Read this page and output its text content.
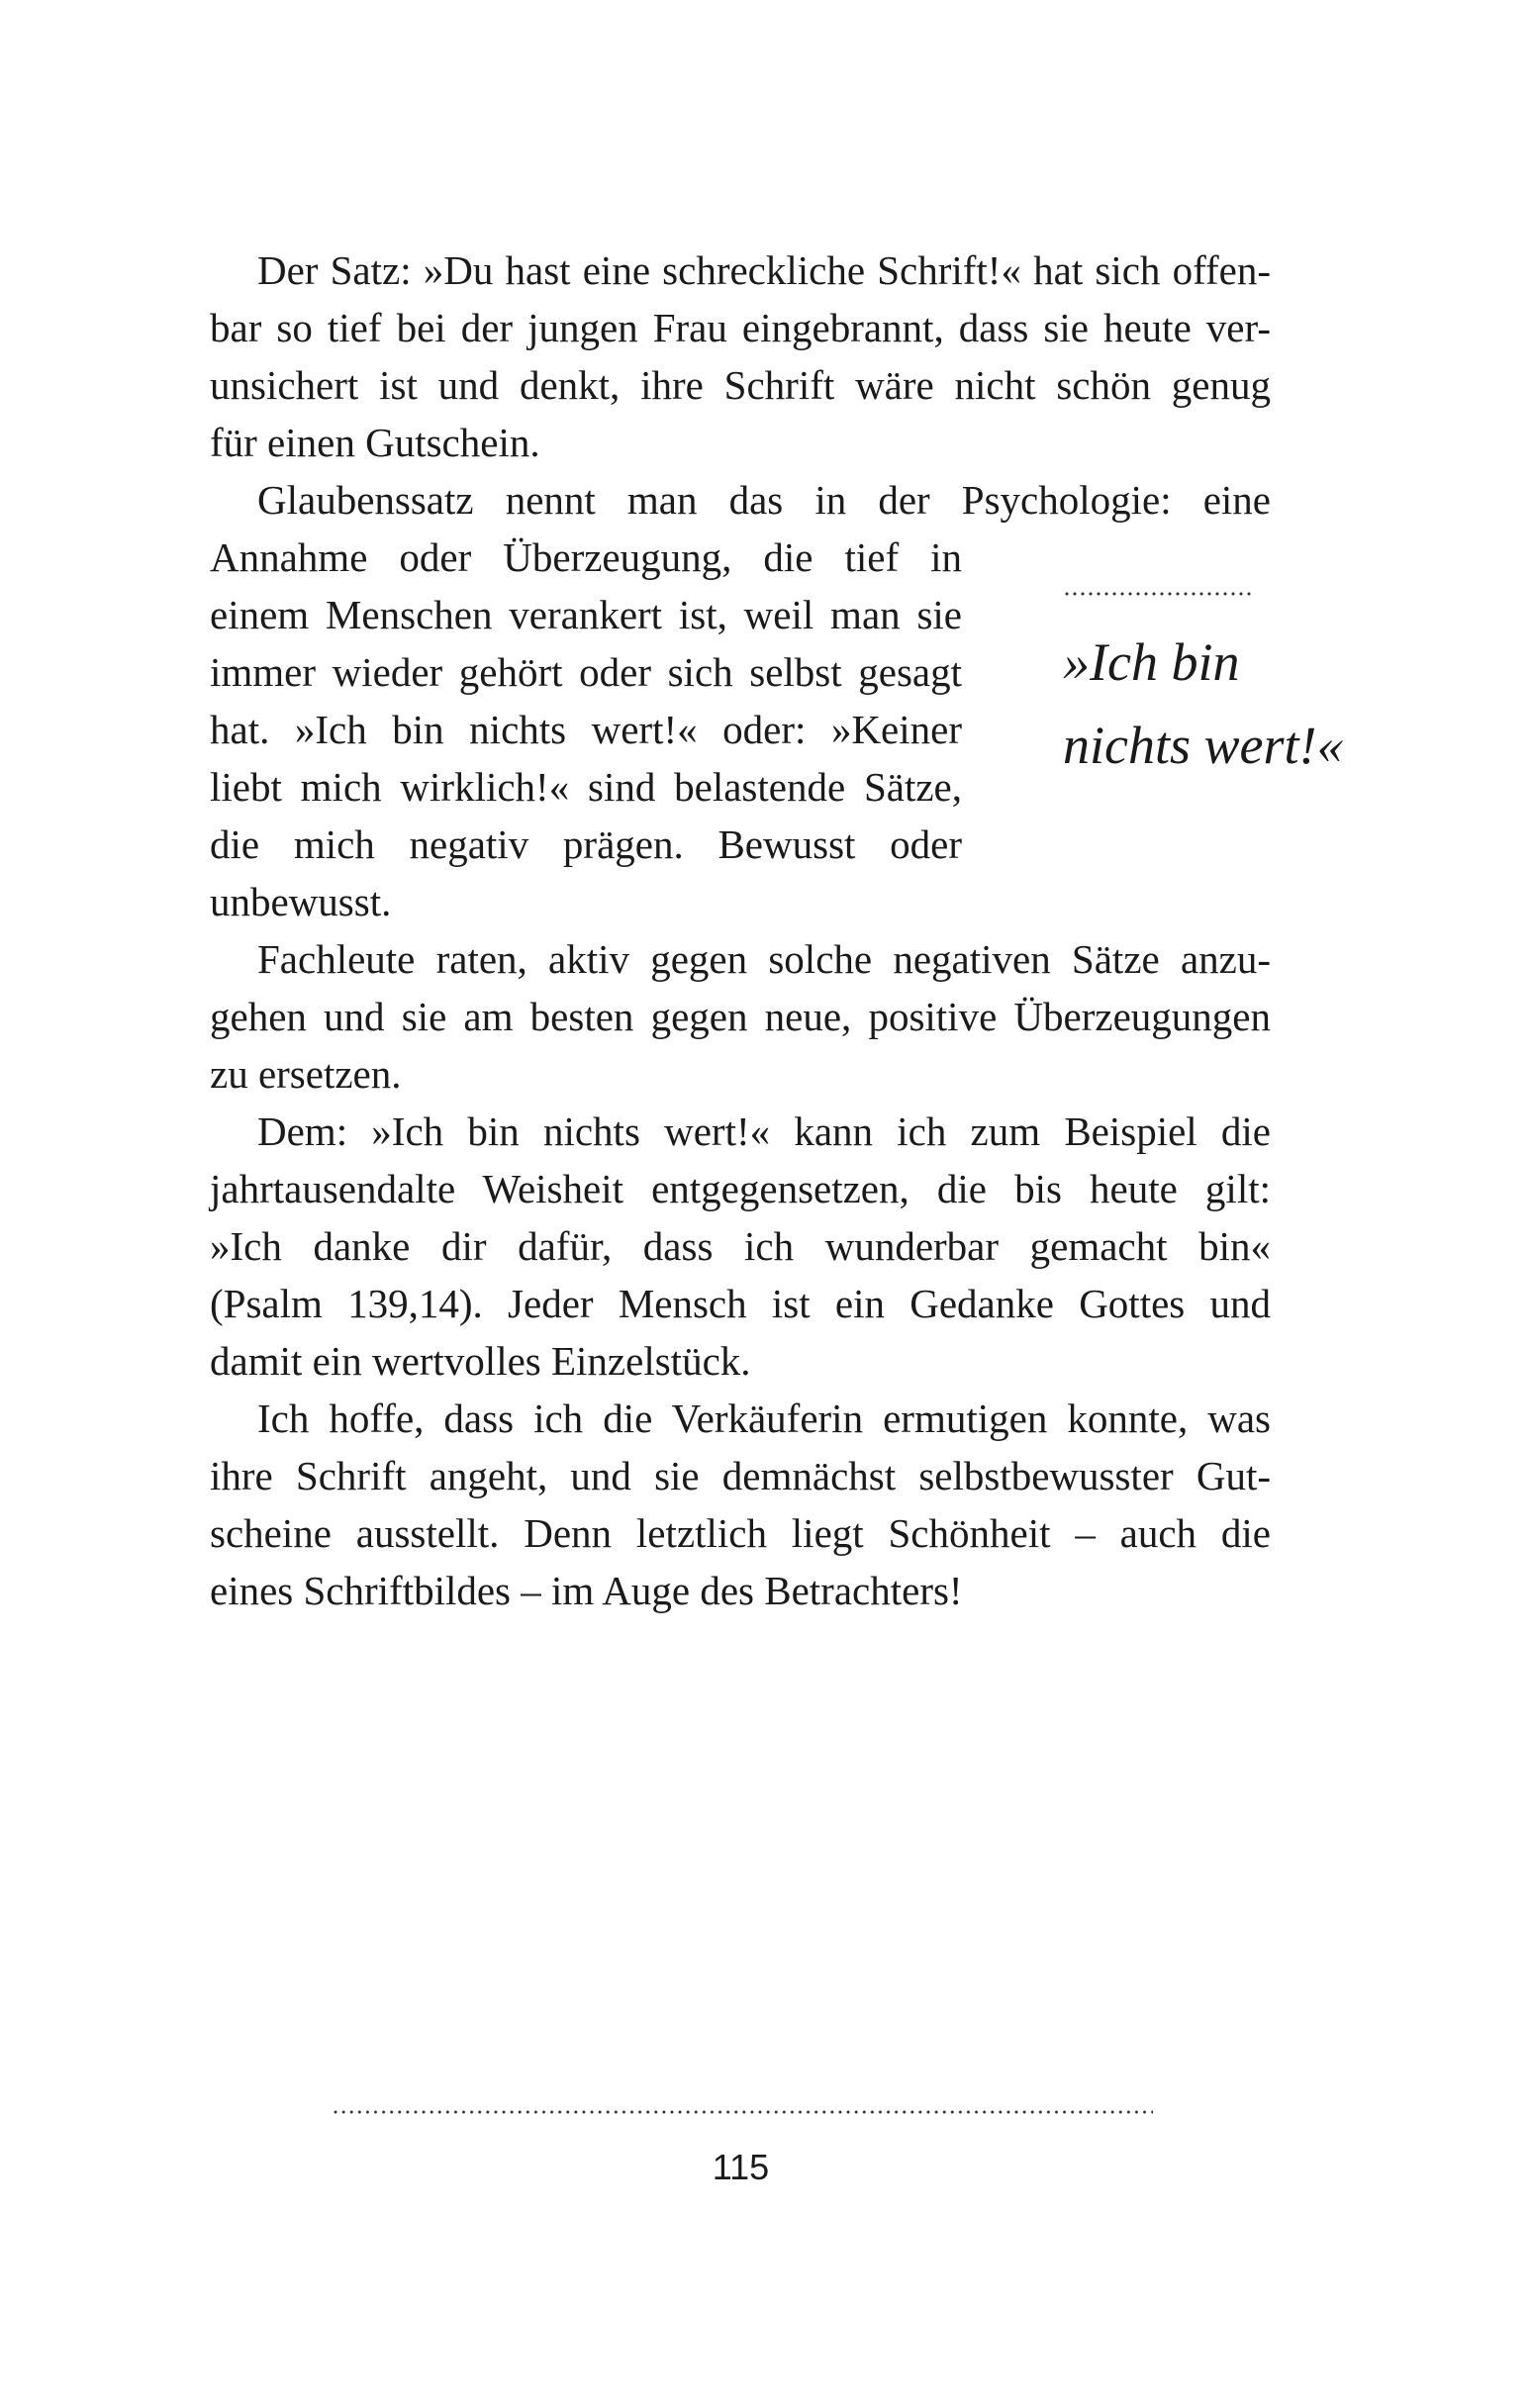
Der Satz: »Du hast eine schreckliche Schrift!« hat sich offen-
bar so tief bei der jungen Frau eingebrannt, dass sie heute ver-
unsichert ist und denkt, ihre Schrift wäre nicht schön genug
für einen Gutschein.
Glaubenssatz nennt man das in der Psychologie: eine
Annahme oder Überzeugung, die tief in
einem Menschen verankert ist, weil man sie
immer wieder gehört oder sich selbst gesagt
hat. »Ich bin nichts wert!« oder: »Keiner
liebt mich wirklich!« sind belastende Sätze,
die mich negativ prägen. Bewusst oder
unbewusst.
Fachleute raten, aktiv gegen solche negativen Sätze anzu-
gehen und sie am besten gegen neue, positive Überzeugungen
zu ersetzen.
Dem: »Ich bin nichts wert!« kann ich zum Beispiel die
jahrtausendalte Weisheit entgegensetzen, die bis heute gilt:
»Ich danke dir dafür, dass ich wunderbar gemacht bin«
(Psalm 139,14). Jeder Mensch ist ein Gedanke Gottes und
damit ein wertvolles Einzelstück.
Ich hoffe, dass ich die Verkäuferin ermutigen konnte, was
ihre Schrift angeht, und sie demnächst selbstbewusster Gut-
scheine ausstellt. Denn letztlich liegt Schönheit – auch die
eines Schriftbildes – im Auge des Betrachters!
»Ich bin
nichts wert!«
115
